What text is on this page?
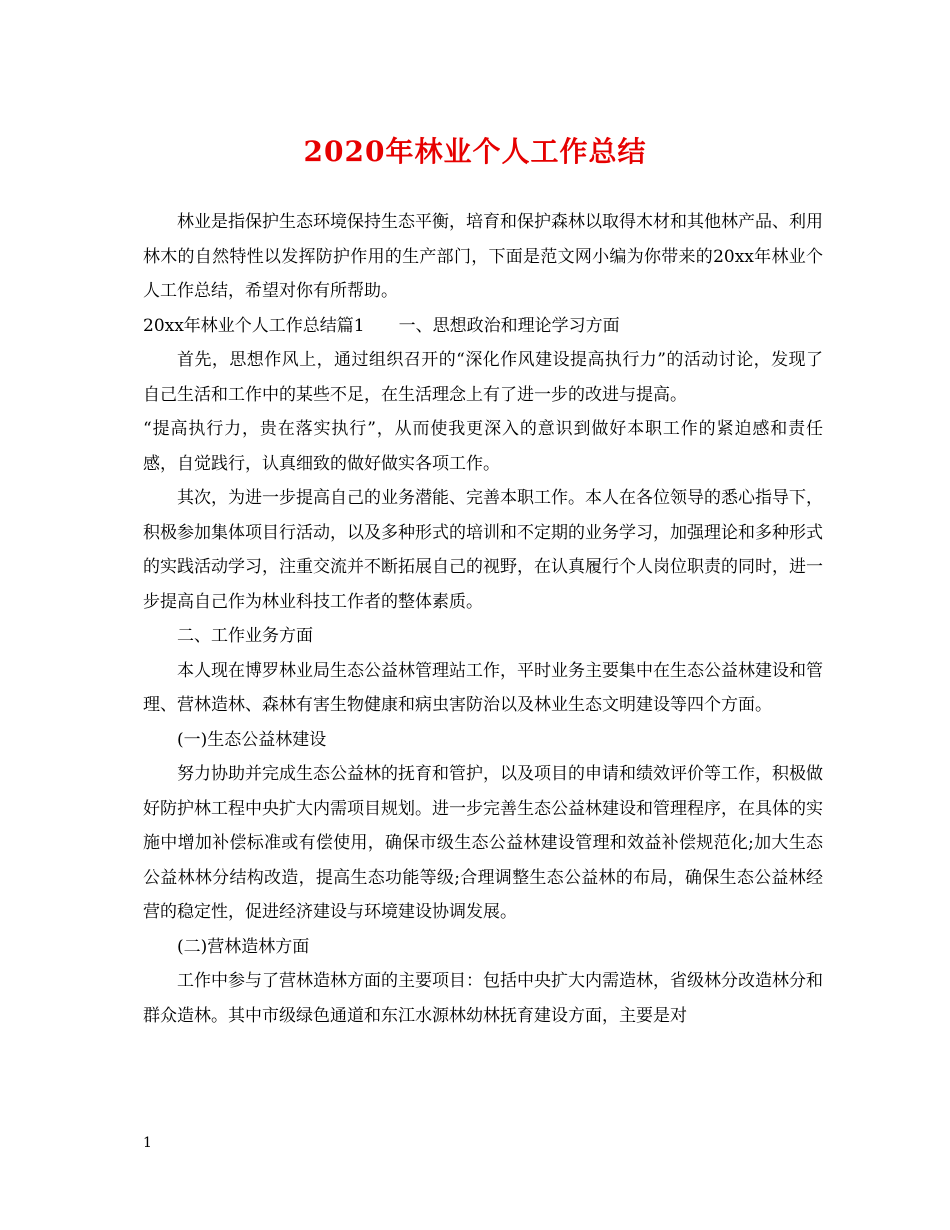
2020年林业个人工作总结

林业是指保护生态环境保持生态平衡，培育和保护森林以取得木材和其他林产品、利用林木的自然特性以发挥防护作用的生产部门，下面是范文网小编为你带来的20xx年林业个人工作总结，希望对你有所帮助。

20xx年林业个人工作总结篇1　　一、思想政治和理论学习方面

首先，思想作风上，通过组织召开的“深化作风建设提高执行力”的活动讨论，发现了自己生活和工作中的某些不足，在生活理念上有了进一步的改进与提高。

“提高执行力，贵在落实执行”，从而使我更深入的意识到做好本职工作的紧迫感和责任感，自觉践行，认真细致的做好做实各项工作。

其次，为进一步提高自己的业务潜能、完善本职工作。本人在各位领导的悉心指导下，积极参加集体项目行活动，以及多种形式的培训和不定期的业务学习，加强理论和多种形式的实践活动学习，注重交流并不断拓展自己的视野，在认真履行个人岗位职责的同时，进一步提高自己作为林业科技工作者的整体素质。

二、工作业务方面

本人现在博罗林业局生态公益林管理站工作，平时业务主要集中在生态公益林建设和管理、营林造林、森林有害生物健康和病虫害防治以及林业生态文明建设等四个方面。

(一)生态公益林建设

努力协助并完成生态公益林的抚育和管护，以及项目的申请和绩效评价等工作，积极做好防护林工程中央扩大内需项目规划。进一步完善生态公益林建设和管理程序，在具体的实施中增加补偿标准或有偿使用，确保市级生态公益林建设管理和效益补偿规范化;加大生态公益林林分结构改造，提高生态功能等级;合理调整生态公益林的布局，确保生态公益林经营的稳定性，促进经济建设与环境建设协调发展。

(二)营林造林方面

工作中参与了营林造林方面的主要项目：包括中央扩大内需造林，省级林分改造林分和群众造林。其中市级绿色通道和东江水源林幼林抚育建设方面，主要是对

1
